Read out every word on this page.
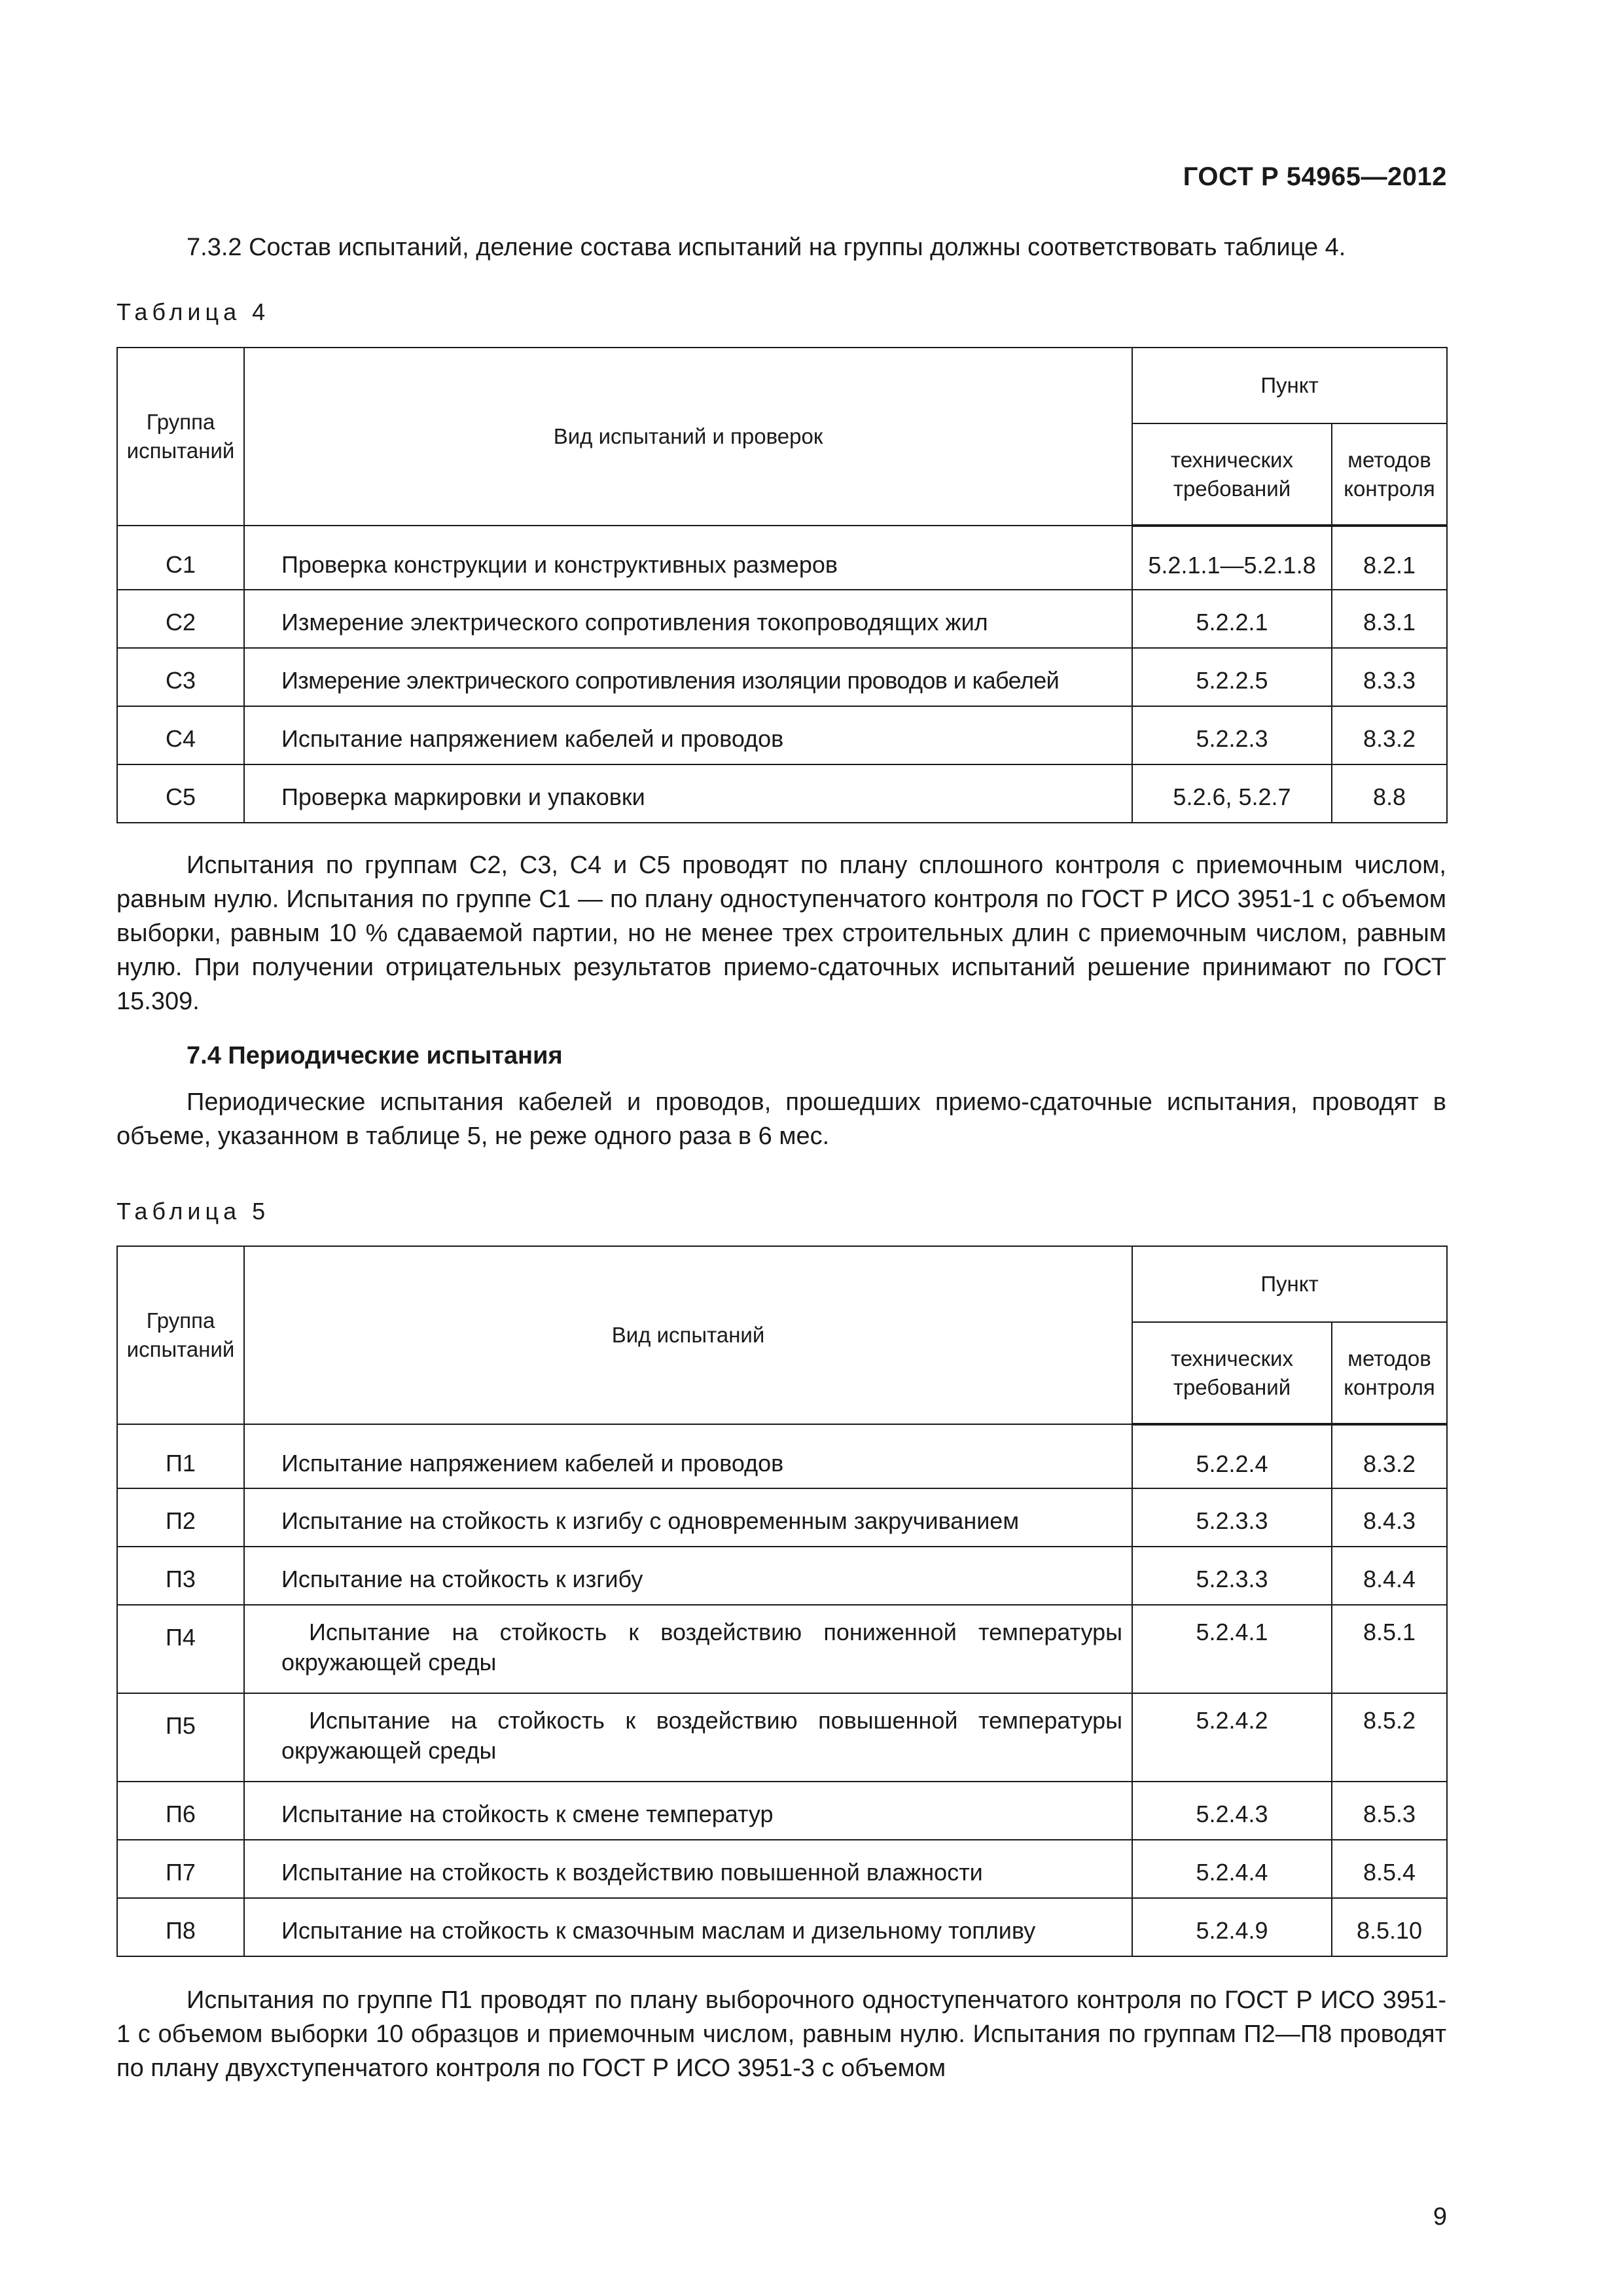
ГОСТ Р 54965—2012
7.3.2 Состав испытаний, деление состава испытаний на группы должны соответствовать таблице 4.
Таблица 4
Группа испытаний	Вид испытаний и проверок	Пункт	
		технических требований	методов контроля
С1	Проверка конструкции и конструктивных размеров	5.2.1.1—5.2.1.8	8.2.1
С2	Измерение электрического сопротивления токопроводящих жил	5.2.2.1	8.3.1
С3	Измерение электрического сопротивления изоляции проводов и кабелей	5.2.2.5	8.3.3
С4	Испытание напряжением кабелей и проводов	5.2.2.3	8.3.2
С5	Проверка маркировки и упаковки	5.2.6, 5.2.7	8.8
Испытания по группам С2, С3, С4 и С5 проводят по плану сплошного контроля с приемочным числом, равным нулю. Испытания по группе С1 — по плану одноступенчатого контроля по ГОСТ Р ИСО 3951-1 с объемом выборки, равным 10 % сдаваемой партии, но не менее трех строительных длин с приемочным числом, равным нулю. При получении отрицательных результатов приемо-сдаточных испытаний решение принимают по ГОСТ 15.309.
7.4 Периодические испытания
Периодические испытания кабелей и проводов, прошедших приемо-сдаточные испытания, проводят в объеме, указанном в таблице 5, не реже одного раза в 6 мес.
Таблица 5
Группа испытаний	Вид испытаний	Пункт	
		технических требований	методов контроля
П1	Испытание напряжением кабелей и проводов	5.2.2.4	8.3.2
П2	Испытание на стойкость к изгибу с одновременным закручиванием	5.2.3.3	8.4.3
П3	Испытание на стойкость к изгибу	5.2.3.3	8.4.4
П4	Испытание на стойкость к воздействию пониженной температуры окружающей среды	5.2.4.1	8.5.1
П5	Испытание на стойкость к воздействию повышенной температуры окружающей среды	5.2.4.2	8.5.2
П6	Испытание на стойкость к смене температур	5.2.4.3	8.5.3
П7	Испытание на стойкость к воздействию повышенной влажности	5.2.4.4	8.5.4
П8	Испытание на стойкость к смазочным маслам и дизельному топливу	5.2.4.9	8.5.10
Испытания по группе П1 проводят по плану выборочного одноступенчатого контроля по ГОСТ Р ИСО 3951-1 с объемом выборки 10 образцов и приемочным числом, равным нулю. Испытания по группам П2—П8 проводят по плану двухступенчатого контроля по ГОСТ Р ИСО 3951-3 с объемом
9
